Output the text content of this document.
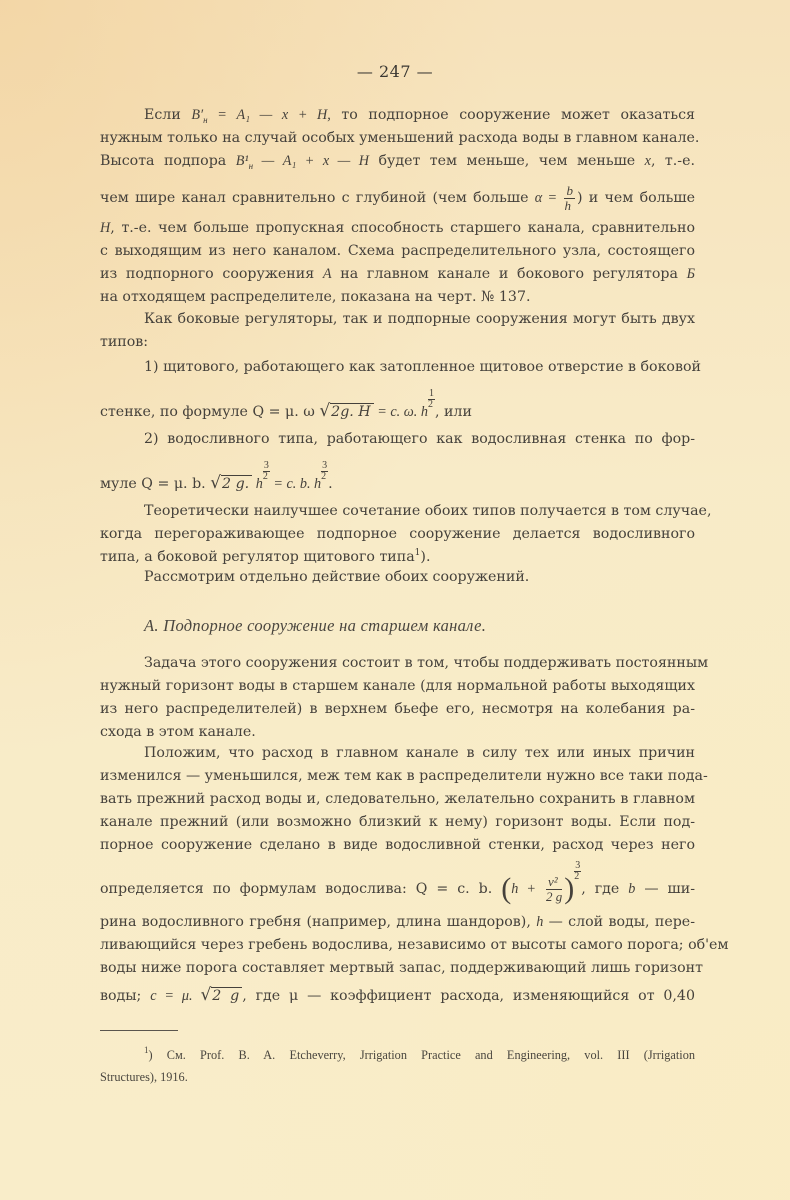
— 247 —
Если $B'_н = A_1$ — x + H, то подпорное сооружение может оказаться
нужным только на случай особых уменьшений расхода воды в главном канале.
Высота подпора $B^1_н$ — A₁ + x — H будет тем меньше, чем меньше x, т.-е.
чем шире канал сравнительно с глубиной (чем больше $\alpha = \frac{b}{h}$ ) и чем больше
H, т.-е. чем больше пропускная способность старшего канала, сравнительно
с выходящим из него каналом. Схема распределительного узла, состоящего
из подпорного сооружения A на главном канале и бокового регулятора Б
на отходящем распределителе, показана на черт. № 137.
Как боковые регуляторы, так и подпорные сооружения могут быть двух
типов:
1) щитового, работающего как затопленное щитовое отверстие в боковой
стенке, по формуле Q = μ. ω √2g. H = c. ω. h
$\frac{1}{2}$
, или
2) водосливного типа, работающего как водосливная стенка по фор-
муле Q = μ. b. √2 g. h
$\frac{3}{2}$
= c. b. h
$\frac{3}{2}$
.
Теоретически наилучшее сочетание обоих типов получается в том случае,
когда перегораживающее подпорное сооружение делается водосливного
типа, а боковой регулятор щитового типа$^1$).
Рассмотрим отдельно действие обоих сооружений.
А. Подпорное сооружение на старшем канале.
Задача этого сооружения состоит в том, чтобы поддерживать постоянным
нужный горизонт воды в старшем канале (для нормальной работы выходящих
из него распределителей) в верхнем бьефе его, несмотря на колебания ра-
схода в этом канале.
Положим, что расход в главном канале в силу тех или иных причин
изменился — уменьшился, меж тем как в распределители нужно все таки пода-
вать прежний расход воды и, следовательно, желательно сохранить в главном
канале прежний (или возможно близкий к нему) горизонт воды. Если под-
порное сооружение сделано в виде водосливной стенки, расход через него
определяется по формулам водослива: Q = c. b. ($h + \frac{\text{v²}}{2 g}$ )
$\frac{3}{2}$
, где b — ши-
рина водосливного гребня (например, длина шандоров), h — слой воды, пере-
ливающийся через гребень водослива, независимо от высоты самого порога; об'ем
воды ниже порога составляет мертвый запас, поддерживающий лишь горизонт
воды; c = μ. √2 g , где μ — коэффициент расхода, изменяющийся от 0,40
$^1$) См. Prof. B. A. Etcheverry, Jrrigation Practice and Engineering, vol. III (Jrrigation
Structures), 1916.
